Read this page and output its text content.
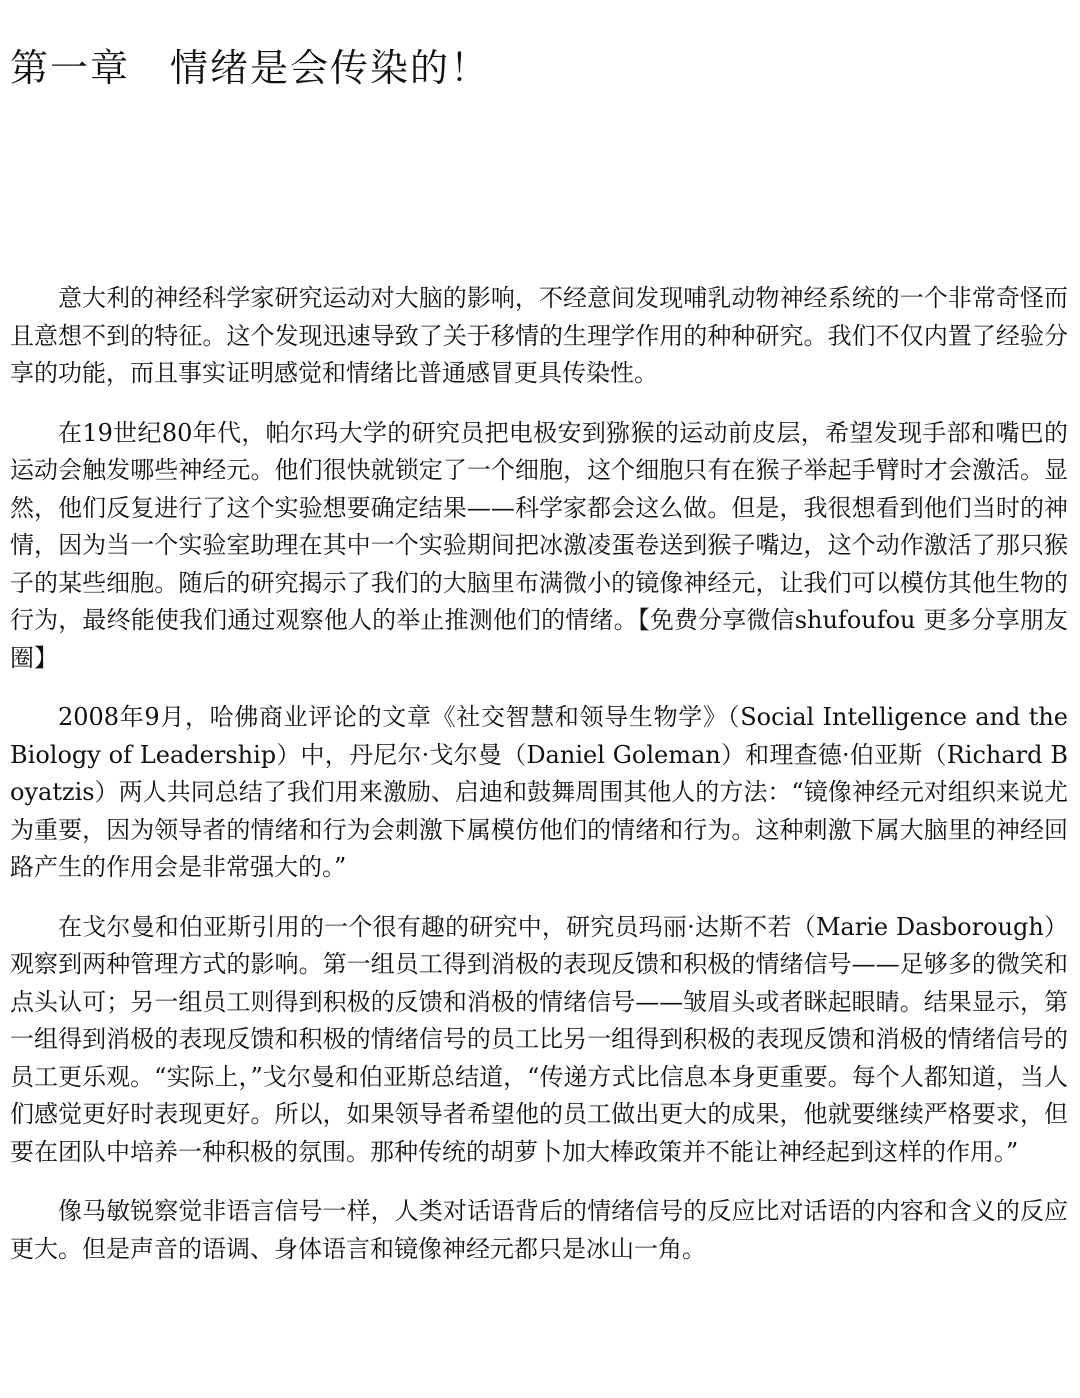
第一章　情绪是会传染的！

意大利的神经科学家研究运动对大脑的影响，不经意间发现哺乳动物神经系统的一个非常奇怪而且意想不到的特征。这个发现迅速导致了关于移情的生理学作用的种种研究。我们不仅内置了经验分享的功能，而且事实证明感觉和情绪比普通感冒更具传染性。

在19世纪80年代，帕尔玛大学的研究员把电极安到猕猴的运动前皮层，希望发现手部和嘴巴的运动会触发哪些神经元。他们很快就锁定了一个细胞，这个细胞只有在猴子举起手臂时才会激活。显然，他们反复进行了这个实验想要确定结果——科学家都会这么做。但是，我很想看到他们当时的神情，因为当一个实验室助理在其中一个实验期间把冰激凌蛋卷送到猴子嘴边，这个动作激活了那只猴子的某些细胞。随后的研究揭示了我们的大脑里布满微小的镜像神经元，让我们可以模仿其他生物的行为，最终能使我们通过观察他人的举止推测他们的情绪。【免费分享微信shufoufou 更多分享朋友圈】

2008年9月，哈佛商业评论的文章《社交智慧和领导生物学》（Social Intelligence and the Biology of Leadership）中，丹尼尔·戈尔曼（Daniel Goleman）和理查德·伯亚斯（Richard Boyatzis）两人共同总结了我们用来激励、启迪和鼓舞周围其他人的方法：“镜像神经元对组织来说尤为重要，因为领导者的情绪和行为会刺激下属模仿他们的情绪和行为。这种刺激下属大脑里的神经回路产生的作用会是非常强大的。”

在戈尔曼和伯亚斯引用的一个很有趣的研究中，研究员玛丽·达斯不若（Marie Dasborough）观察到两种管理方式的影响。第一组员工得到消极的表现反馈和积极的情绪信号——足够多的微笑和点头认可；另一组员工则得到积极的反馈和消极的情绪信号——皱眉头或者眯起眼睛。结果显示，第一组得到消极的表现反馈和积极的情绪信号的员工比另一组得到积极的表现反馈和消极的情绪信号的员工更乐观。“实际上，”戈尔曼和伯亚斯总结道，“传递方式比信息本身更重要。每个人都知道，当人们感觉更好时表现更好。所以，如果领导者希望他的员工做出更大的成果，他就要继续严格要求，但要在团队中培养一种积极的氛围。那种传统的胡萝卜加大棒政策并不能让神经起到这样的作用。”

像马敏锐察觉非语言信号一样，人类对话语背后的情绪信号的反应比对话语的内容和含义的反应更大。但是声音的语调、身体语言和镜像神经元都只是冰山一角。
